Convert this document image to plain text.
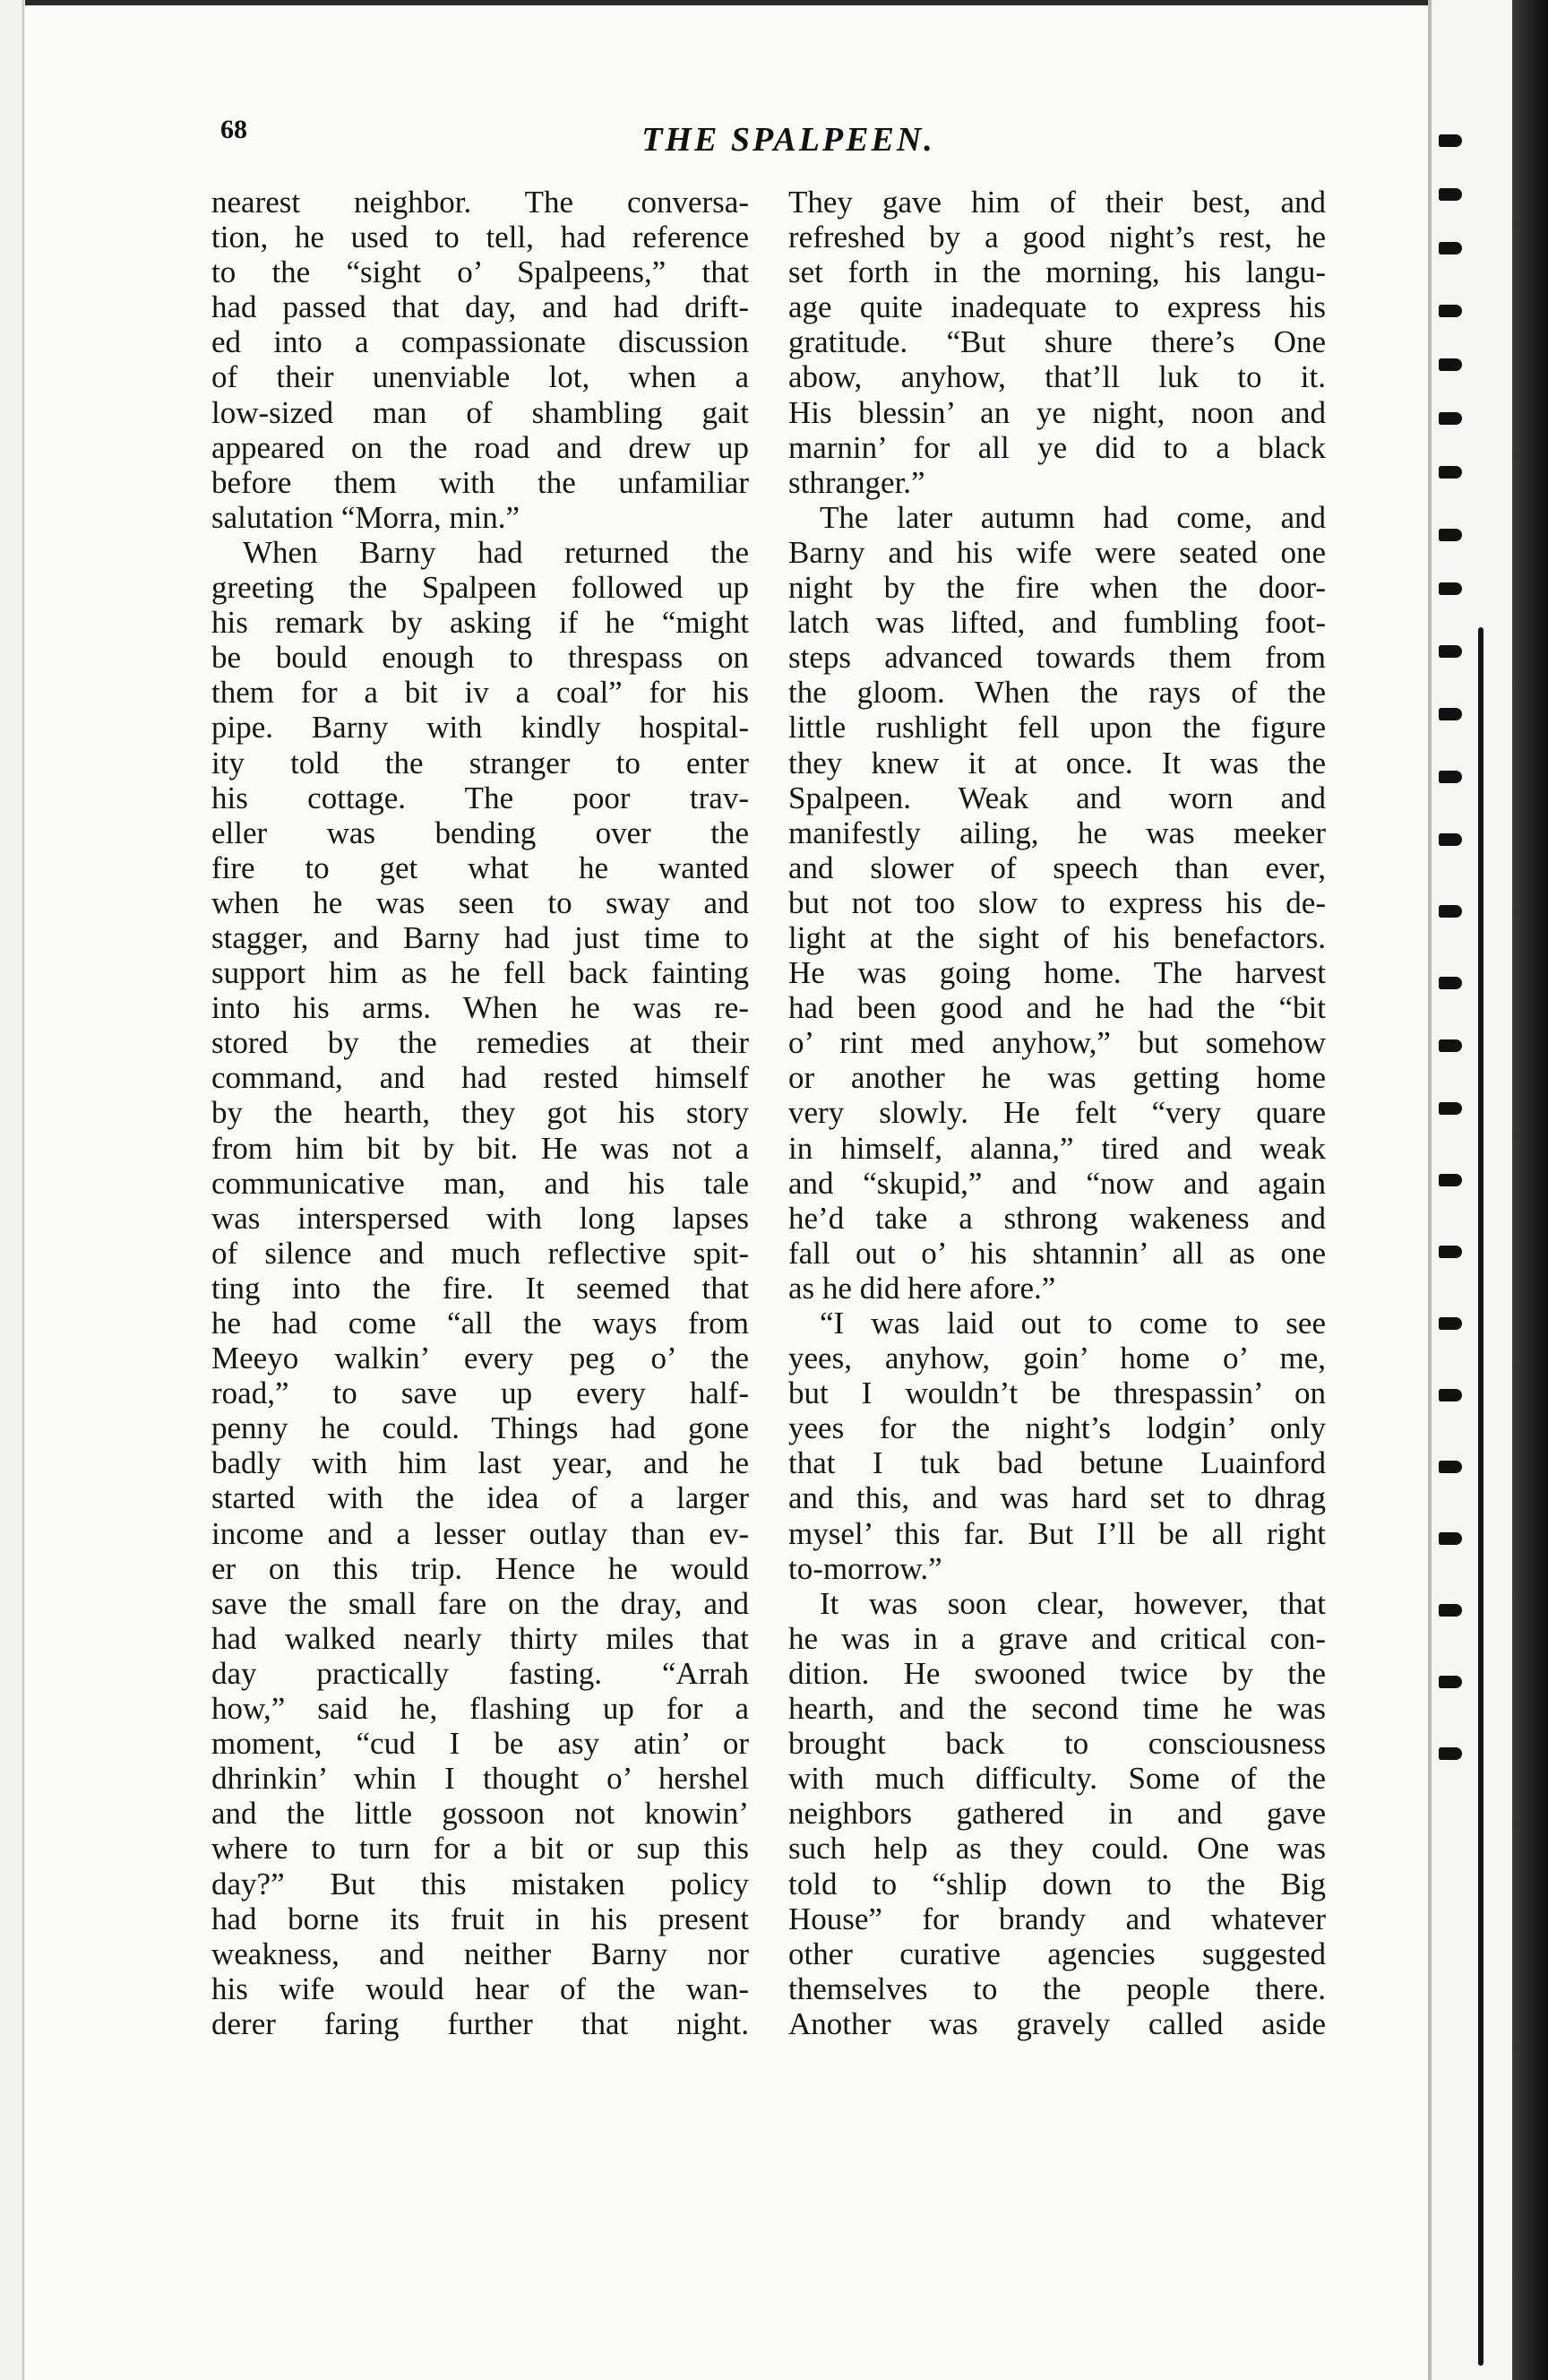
68	THE SPALPEEN.
nearest neighbor. The conversa-
tion, he used to tell, had reference
to the “sight o’ Spalpeens,” that
had passed that day, and had drift-
ed into a compassionate discussion
of their unenviable lot, when a
low-sized man of shambling gait
appeared on the road and drew up
before them with the unfamiliar
salutation “Morra, min.”
 When Barny had returned the
greeting the Spalpeen followed up
his remark by asking if he “might
be bould enough to threspass on
them for a bit iv a coal” for his
pipe. Barny with kindly hospital-
ity told the stranger to enter
his cottage. The poor trav-
eller was bending over the
fire to get what he wanted
when he was seen to sway and
stagger, and Barny had just time to
support him as he fell back fainting
into his arms. When he was re-
stored by the remedies at their
command, and had rested himself
by the hearth, they got his story
from him bit by bit. He was not a
communicative man, and his tale
was interspersed with long lapses
of silence and much reflective spit-
ting into the fire. It seemed that
he had come “all the ways from
Meeyo walkin’ every peg o’ the
road,” to save up every half-
penny he could. Things had gone
badly with him last year, and he
started with the idea of a larger
income and a lesser outlay than ev-
er on this trip. Hence he would
save the small fare on the dray, and
had walked nearly thirty miles that
day practically fasting. “Arrah
how,” said he, flashing up for a
moment, “cud I be asy atin’ or
dhrinkin’ whin I thought o’ hershel
and the little gossoon not knowin’
where to turn for a bit or sup this
day?” But this mistaken policy
had borne its fruit in his present
weakness, and neither Barny nor
his wife would hear of the wan-
derer faring further that night.
They gave him of their best, and
refreshed by a good night’s rest, he
set forth in the morning, his langu-
age quite inadequate to express his
gratitude. “But shure there’s One
abow, anyhow, that’ll luk to it.
His blessin’ an ye night, noon and
marnin’ for all ye did to a black
sthranger.”
 The later autumn had come, and
Barny and his wife were seated one
night by the fire when the door-
latch was lifted, and fumbling foot-
steps advanced towards them from
the gloom. When the rays of the
little rushlight fell upon the figure
they knew it at once. It was the
Spalpeen. Weak and worn and
manifestly ailing, he was meeker
and slower of speech than ever,
but not too slow to express his de-
light at the sight of his benefactors.
He was going home. The harvest
had been good and he had the “bit
o’ rint med anyhow,” but somehow
or another he was getting home
very slowly. He felt “very quare
in himself, alanna,” tired and weak
and “skupid,” and “now and again
he’d take a sthrong wakeness and
fall out o’ his shtannin’ all as one
as he did here afore.”
 “I was laid out to come to see
yees, anyhow, goin’ home o’ me,
but I wouldn’t be threspassin’ on
yees for the night’s lodgin’ only
that I tuk bad betune Luainford
and this, and was hard set to dhrag
mysel’ this far. But I’ll be all right
to-morrow.”
 It was soon clear, however, that
he was in a grave and critical con-
dition. He swooned twice by the
hearth, and the second time he was
brought back to consciousness
with much difficulty. Some of the
neighbors gathered in and gave
such help as they could. One was
told to “shlip down to the Big
House” for brandy and whatever
other curative agencies suggested
themselves to the people there.
Another was gravely called aside
